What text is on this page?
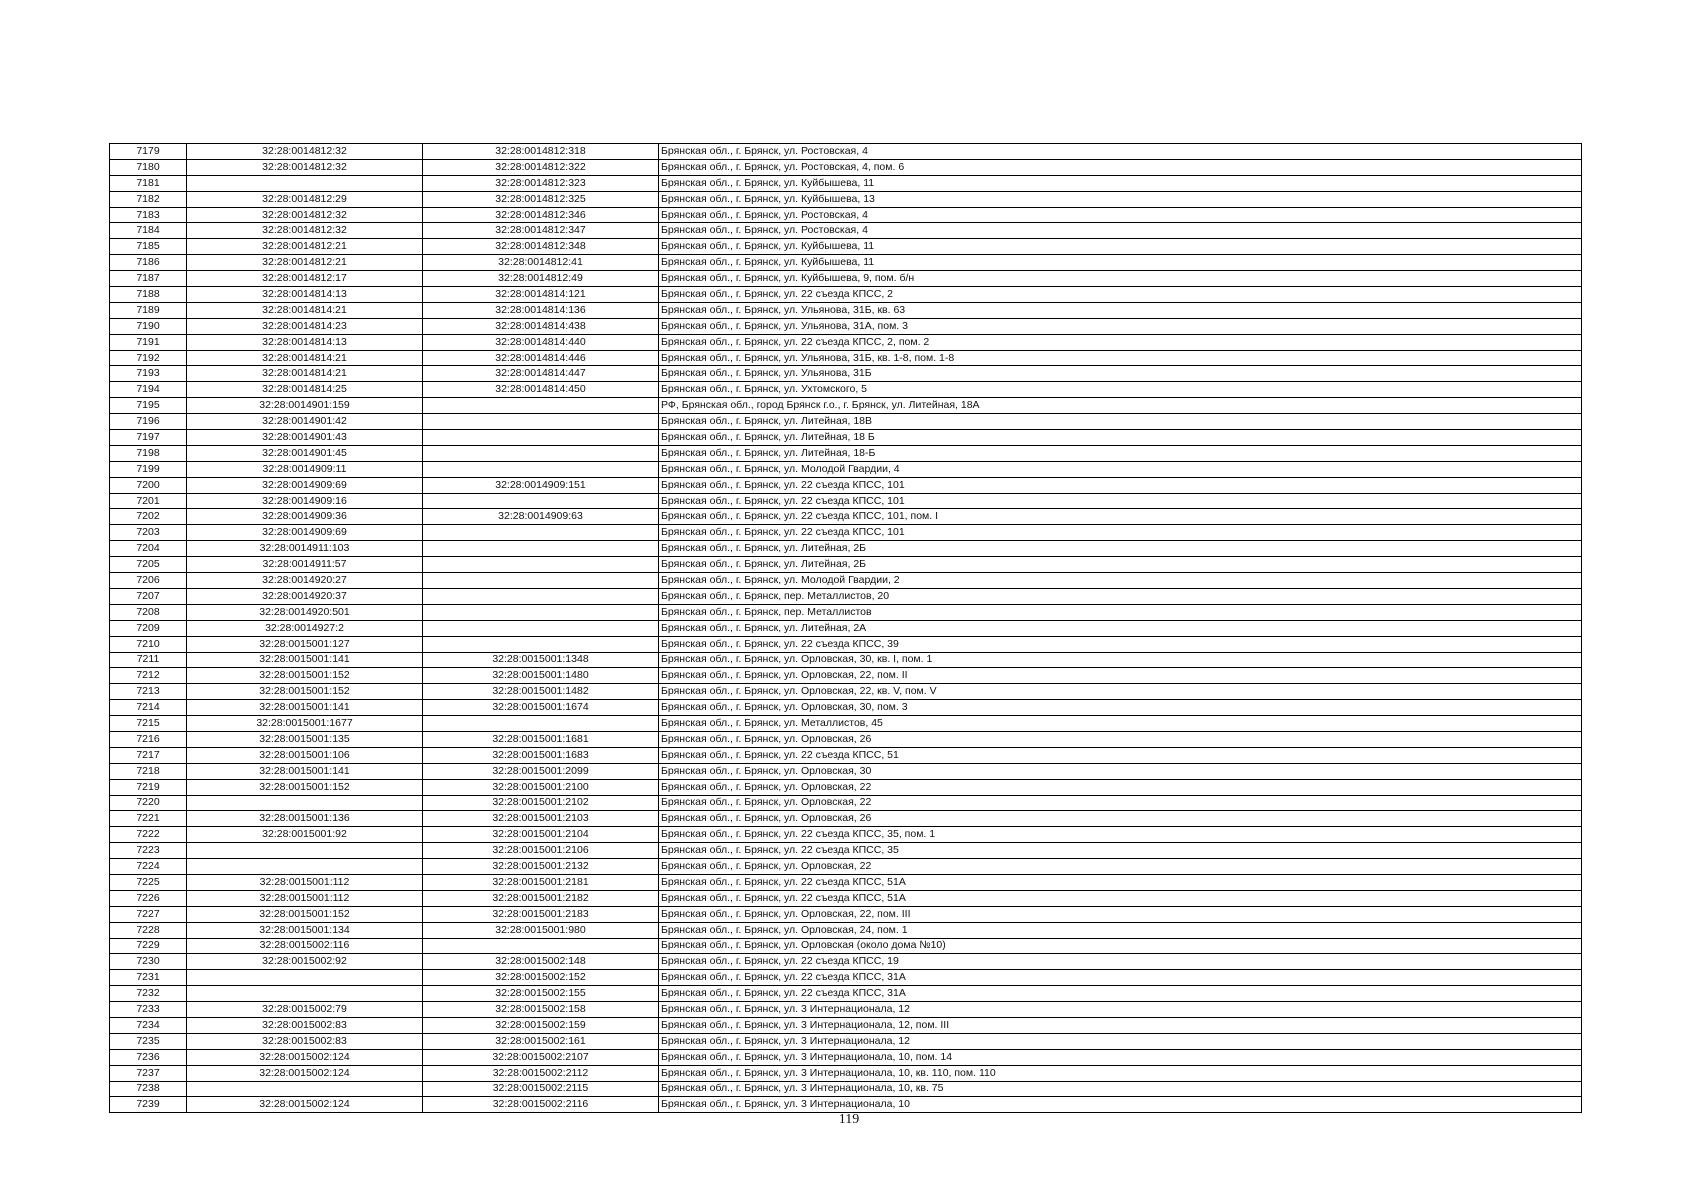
7179	32:28:0014812:32	32:28:0014812:318	Брянская обл., г. Брянск, ул. Ростовская, 4
7180	32:28:0014812:32	32:28:0014812:322	Брянская обл., г. Брянск, ул. Ростовская, 4, пом. 6
7181		32:28:0014812:323	Брянская обл., г. Брянск, ул. Куйбышева, 11
7182	32:28:0014812:29	32:28:0014812:325	Брянская обл., г. Брянск, ул. Куйбышева, 13
7183	32:28:0014812:32	32:28:0014812:346	Брянская обл., г. Брянск, ул. Ростовская, 4
7184	32:28:0014812:32	32:28:0014812:347	Брянская обл., г. Брянск, ул. Ростовская, 4
7185	32:28:0014812:21	32:28:0014812:348	Брянская обл., г. Брянск, ул. Куйбышева, 11
7186	32:28:0014812:21	32:28:0014812:41	Брянская обл., г. Брянск, ул. Куйбышева, 11
7187	32:28:0014812:17	32:28:0014812:49	Брянская обл., г. Брянск, ул. Куйбышева, 9, пом. б/н
7188	32:28:0014814:13	32:28:0014814:121	Брянская обл., г. Брянск, ул. 22 съезда КПСС, 2
7189	32:28:0014814:21	32:28:0014814:136	Брянская обл., г. Брянск, ул. Ульянова, 31Б, кв. 63
7190	32:28:0014814:23	32:28:0014814:438	Брянская обл., г. Брянск, ул. Ульянова, 31А, пом. 3
7191	32:28:0014814:13	32:28:0014814:440	Брянская обл., г. Брянск, ул. 22 съезда КПСС, 2, пом. 2
7192	32:28:0014814:21	32:28:0014814:446	Брянская обл., г. Брянск, ул. Ульянова, 31Б, кв. 1-8, пом. 1-8
7193	32:28:0014814:21	32:28:0014814:447	Брянская обл., г. Брянск, ул. Ульянова, 31Б
7194	32:28:0014814:25	32:28:0014814:450	Брянская обл., г. Брянск, ул. Ухтомского, 5
7195	32:28:0014901:159		РФ, Брянская обл., город Брянск г.о., г. Брянск, ул. Литейная, 18А
7196	32:28:0014901:42		Брянская обл., г. Брянск, ул. Литейная, 18В
7197	32:28:0014901:43		Брянская обл., г. Брянск, ул. Литейная, 18 Б
7198	32:28:0014901:45		Брянская обл., г. Брянск, ул. Литейная, 18-Б
7199	32:28:0014909:11		Брянская обл., г. Брянск, ул. Молодой Гвардии, 4
7200	32:28:0014909:69	32:28:0014909:151	Брянская обл., г. Брянск, ул. 22 съезда КПСС, 101
7201	32:28:0014909:16		Брянская обл., г. Брянск, ул. 22 съезда КПСС, 101
7202	32:28:0014909:36	32:28:0014909:63	Брянская обл., г. Брянск, ул. 22 съезда КПСС, 101, пом. I
7203	32:28:0014909:69		Брянская обл., г. Брянск, ул. 22 съезда КПСС, 101
7204	32:28:0014911:103		Брянская обл., г. Брянск, ул. Литейная, 2Б
7205	32:28:0014911:57		Брянская обл., г. Брянск, ул. Литейная, 2Б
7206	32:28:0014920:27		Брянская обл., г. Брянск, ул. Молодой Гвардии, 2
7207	32:28:0014920:37		Брянская обл., г. Брянск, пер. Металлистов, 20
7208	32:28:0014920:501		Брянская обл., г. Брянск, пер. Металлистов
7209	32:28:0014927:2		Брянская обл., г. Брянск, ул. Литейная, 2А
7210	32:28:0015001:127		Брянская обл., г. Брянск, ул. 22 съезда КПСС, 39
7211	32:28:0015001:141	32:28:0015001:1348	Брянская обл., г. Брянск, ул. Орловская, 30, кв. I, пом. 1
7212	32:28:0015001:152	32:28:0015001:1480	Брянская обл., г. Брянск, ул. Орловская, 22, пом. II
7213	32:28:0015001:152	32:28:0015001:1482	Брянская обл., г. Брянск, ул. Орловская, 22, кв. V, пом. V
7214	32:28:0015001:141	32:28:0015001:1674	Брянская обл., г. Брянск, ул. Орловская, 30, пом. 3
7215	32:28:0015001:1677		Брянская обл., г. Брянск, ул. Металлистов, 45
7216	32:28:0015001:135	32:28:0015001:1681	Брянская обл., г. Брянск, ул. Орловская, 26
7217	32:28:0015001:106	32:28:0015001:1683	Брянская обл., г. Брянск, ул. 22 съезда КПСС, 51
7218	32:28:0015001:141	32:28:0015001:2099	Брянская обл., г. Брянск, ул. Орловская, 30
7219	32:28:0015001:152	32:28:0015001:2100	Брянская обл., г. Брянск, ул. Орловская, 22
7220		32:28:0015001:2102	Брянская обл., г. Брянск, ул. Орловская, 22
7221	32:28:0015001:136	32:28:0015001:2103	Брянская обл., г. Брянск, ул. Орловская, 26
7222	32:28:0015001:92	32:28:0015001:2104	Брянская обл., г. Брянск, ул. 22 съезда КПСС, 35, пом. 1
7223		32:28:0015001:2106	Брянская обл., г. Брянск, ул. 22 съезда КПСС, 35
7224		32:28:0015001:2132	Брянская обл., г. Брянск, ул. Орловская, 22
7225	32:28:0015001:112	32:28:0015001:2181	Брянская обл., г. Брянск, ул. 22 съезда КПСС, 51А
7226	32:28:0015001:112	32:28:0015001:2182	Брянская обл., г. Брянск, ул. 22 съезда КПСС, 51А
7227	32:28:0015001:152	32:28:0015001:2183	Брянская обл., г. Брянск, ул. Орловская, 22, пом. III
7228	32:28:0015001:134	32:28:0015001:980	Брянская обл., г. Брянск, ул. Орловская, 24, пом. 1
7229	32:28:0015002:116		Брянская обл., г. Брянск, ул. Орловская (около дома №10)
7230	32:28:0015002:92	32:28:0015002:148	Брянская обл., г. Брянск, ул. 22 съезда КПСС, 19
7231		32:28:0015002:152	Брянская обл., г. Брянск, ул. 22 съезда КПСС, 31А
7232		32:28:0015002:155	Брянская обл., г. Брянск, ул. 22 съезда КПСС, 31А
7233	32:28:0015002:79	32:28:0015002:158	Брянская обл., г. Брянск, ул. 3 Интернационала, 12
7234	32:28:0015002:83	32:28:0015002:159	Брянская обл., г. Брянск, ул. 3 Интернационала, 12, пом. III
7235	32:28:0015002:83	32:28:0015002:161	Брянская обл., г. Брянск, ул. 3 Интернационала, 12
7236	32:28:0015002:124	32:28:0015002:2107	Брянская обл., г. Брянск, ул. 3 Интернационала, 10, пом. 14
7237	32:28:0015002:124	32:28:0015002:2112	Брянская обл., г. Брянск, ул. 3 Интернационала, 10, кв. 110, пом. 110
7238		32:28:0015002:2115	Брянская обл., г. Брянск, ул. 3 Интернационала, 10, кв. 75
7239	32:28:0015002:124	32:28:0015002:2116	Брянская обл., г. Брянск, ул. 3 Интернационала, 10
119
